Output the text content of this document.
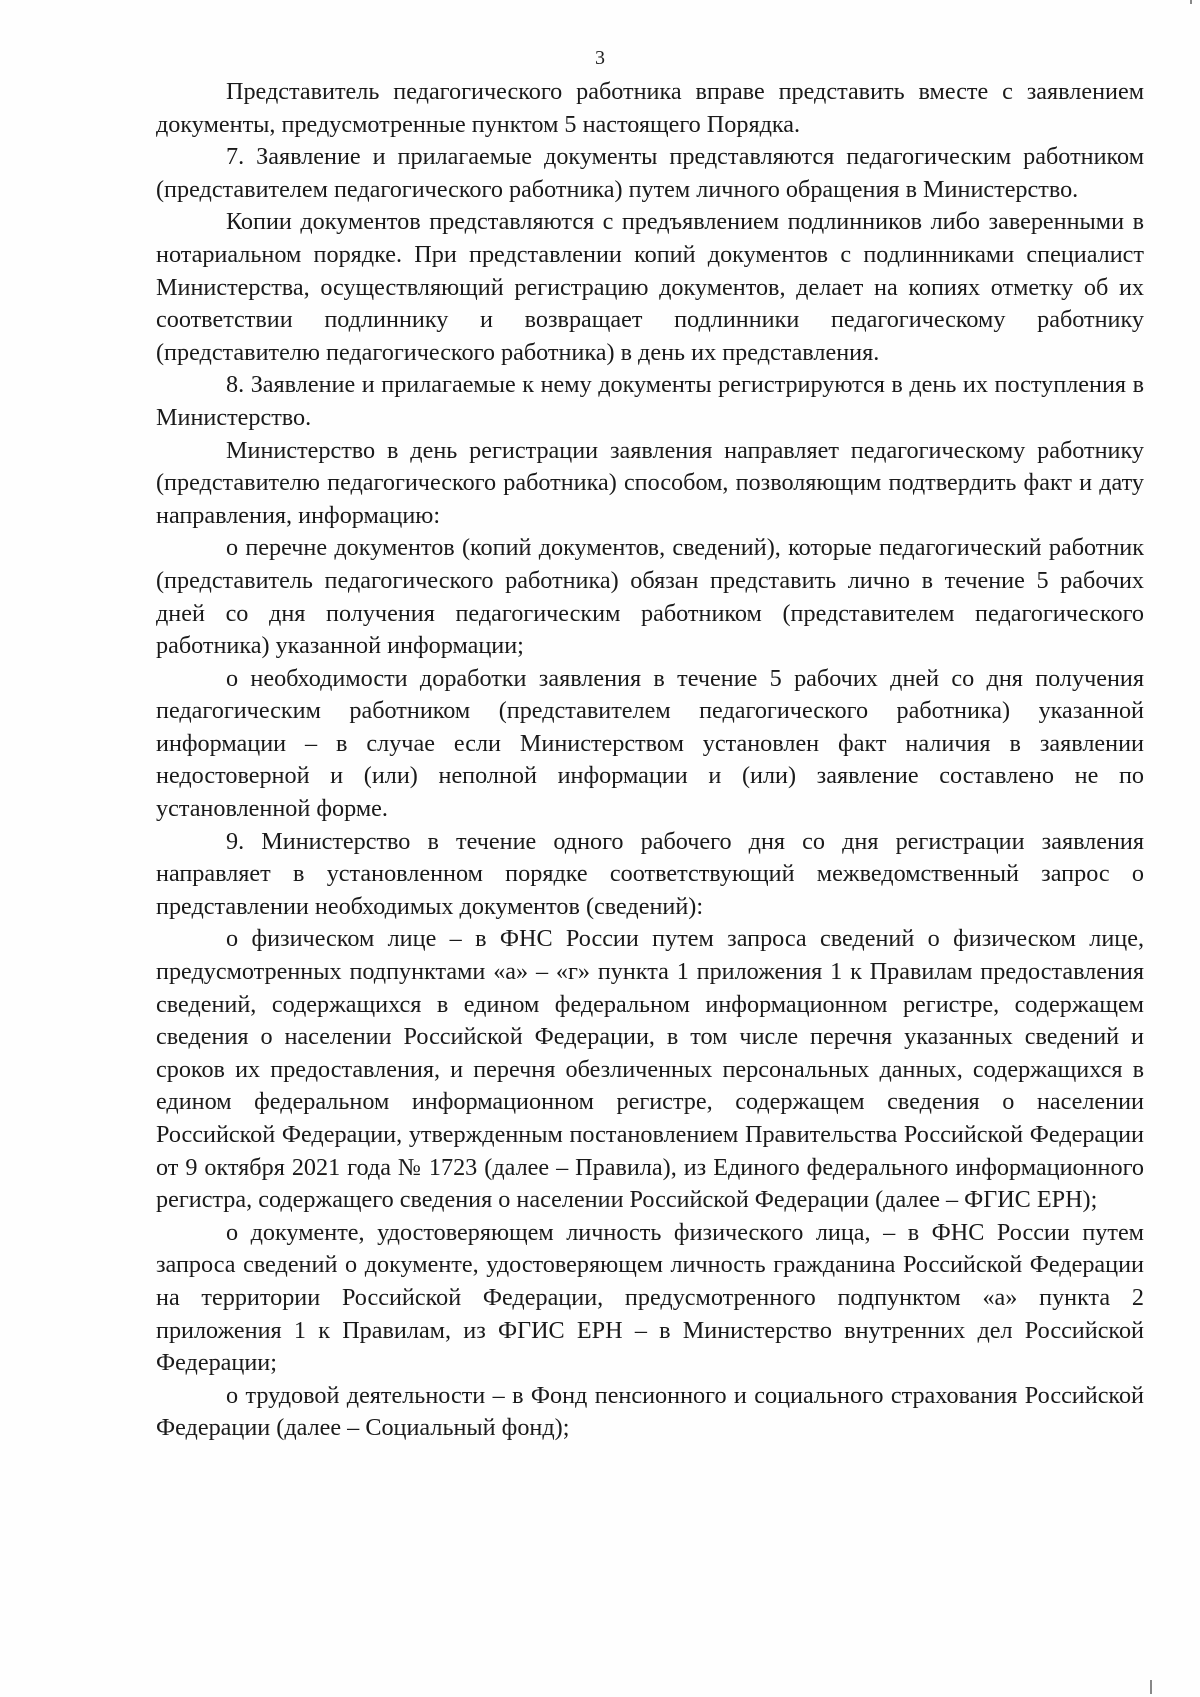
3

Представитель педагогического работника вправе представить вместе с заявлением документы, предусмотренные пунктом 5 настоящего Порядка.

7. Заявление и прилагаемые документы представляются педагогическим работником (представителем педагогического работника) путем личного обращения в Министерство.

Копии документов представляются с предъявлением подлинников либо заверенными в нотариальном порядке. При представлении копий документов с подлинниками специалист Министерства, осуществляющий регистрацию документов, делает на копиях отметку об их соответствии подлиннику и возвращает подлинники педагогическому работнику (представителю педагогического работника) в день их представления.

8. Заявление и прилагаемые к нему документы регистрируются в день их поступления в Министерство.

Министерство в день регистрации заявления направляет педагогическому работнику (представителю педагогического работника) способом, позволяющим подтвердить факт и дату направления, информацию:

о перечне документов (копий документов, сведений), которые педагогический работник (представитель педагогического работника) обязан представить лично в течение 5 рабочих дней со дня получения педагогическим работником (представителем педагогического работника) указанной информации;

о необходимости доработки заявления в течение 5 рабочих дней со дня получения педагогическим работником (представителем педагогического работника) указанной информации – в случае если Министерством установлен факт наличия в заявлении недостоверной и (или) неполной информации и (или) заявление составлено не по установленной форме.

9. Министерство в течение одного рабочего дня со дня регистрации заявления направляет в установленном порядке соответствующий межведомственный запрос о представлении необходимых документов (сведений):

о физическом лице – в ФНС России путем запроса сведений о физическом лице, предусмотренных подпунктами «а» – «г» пункта 1 приложения 1 к Правилам предоставления сведений, содержащихся в едином федеральном информационном регистре, содержащем сведения о населении Российской Федерации, в том числе перечня указанных сведений и сроков их предоставления, и перечня обезличенных персональных данных, содержащихся в едином федеральном информационном регистре, содержащем сведения о населении Российской Федерации, утвержденным постановлением Правительства Российской Федерации от 9 октября 2021 года № 1723 (далее – Правила), из Единого федерального информационного регистра, содержащего сведения о населении Российской Федерации (далее – ФГИС ЕРН);

о документе, удостоверяющем личность физического лица, – в ФНС России путем запроса сведений о документе, удостоверяющем личность гражданина Российской Федерации на территории Российской Федерации, предусмотренного подпунктом «а» пункта 2 приложения 1 к Правилам, из ФГИС ЕРН – в Министерство внутренних дел Российской Федерации;

о трудовой деятельности – в Фонд пенсионного и социального страхования Российской Федерации (далее – Социальный фонд);
